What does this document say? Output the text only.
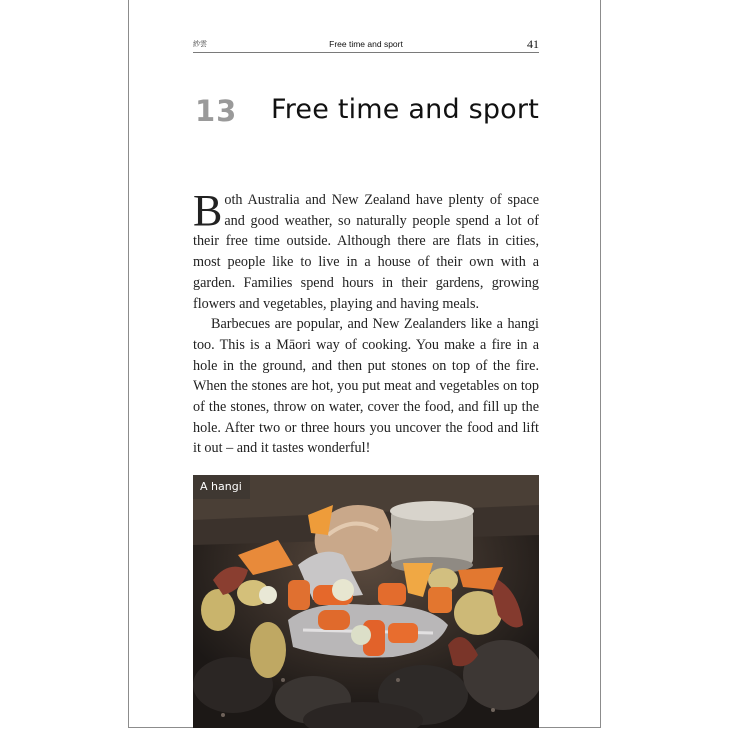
紗雲	Free time and sport	41
13 Free time and sport

Both Australia and New Zealand have plenty of space and good weather, so naturally people spend a lot of their free time outside. Although there are flats in cities, most people like to live in a house of their own with a garden. Families spend hours in their gardens, growing flowers and vegetables, playing and having meals.

Barbecues are popular, and New Zealanders like a hangi too. This is a Māori way of cooking. You make a fire in a hole in the ground, and then put stones on top of the fire. When the stones are hot, you put meat and vegetables on top of the stones, throw on water, cover the food, and fill up the hole. After two or three hours you uncover the food and lift it out – and it tastes wonderful!

A hangi
